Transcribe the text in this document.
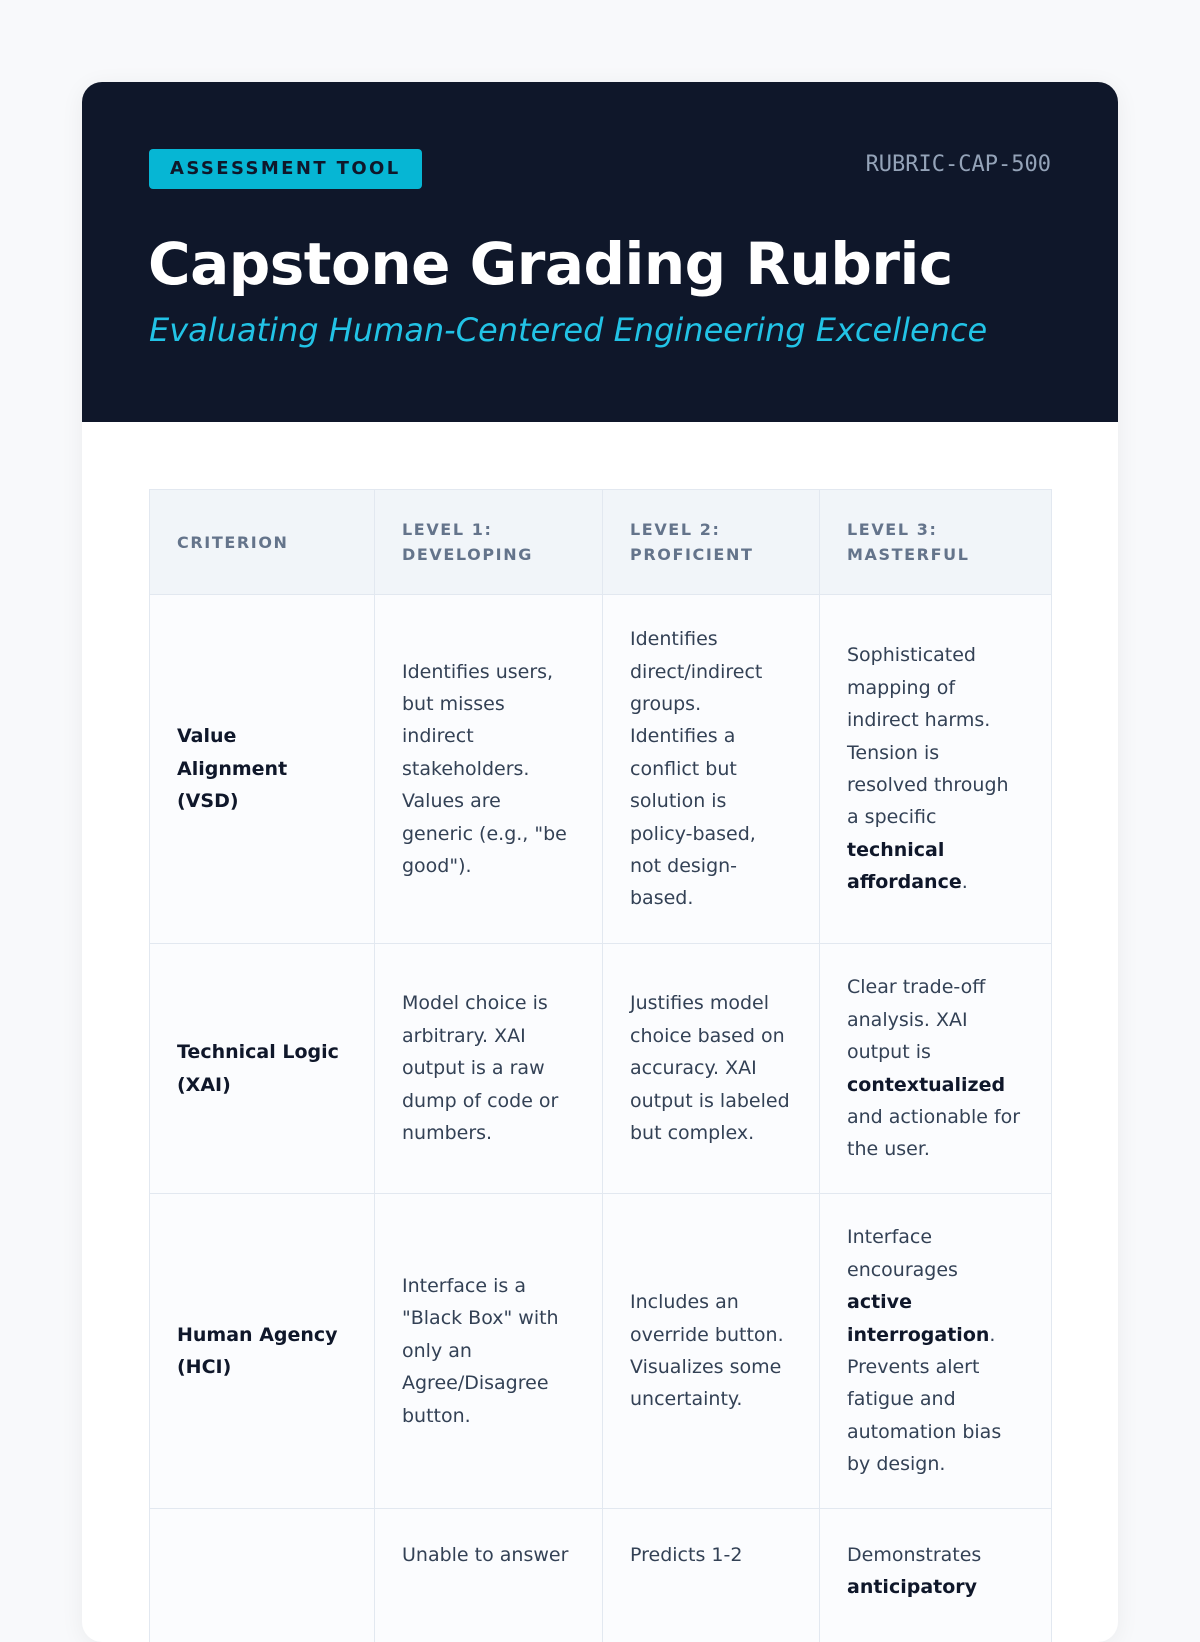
ASSESSMENT TOOL	RUBRIC-CAP-500
Capstone Grading Rubric

Evaluating Human-Centered Engineering Excellence

CRITERION	LEVEL 1: DEVELOPING	LEVEL 2: PROFICIENT	LEVEL 3: MASTERFUL
Value Alignment (VSD)	Identifies users, but misses indirect stakeholders. Values are generic (e.g., "be good").	Identifies direct/indirect groups. Identifies a conflict but solution is policy-based, not design-based.	Sophisticated mapping of indirect harms. Tension is resolved through a specific technical affordance.
Technical Logic (XAI)	Model choice is arbitrary. XAI output is a raw dump of code or numbers.	Justifies model choice based on accuracy. XAI output is labeled but complex.	Clear trade-off analysis. XAI output is contextualized and actionable for the user.
Human Agency (HCI)	Interface is a "Black Box" with only an Agree/Disagree button.	Includes an override button. Visualizes some uncertainty.	Interface encourages active interrogation. Prevents alert fatigue and automation bias by design.
	Unable to answer	Predicts 1-2	Demonstrates anticipatory
